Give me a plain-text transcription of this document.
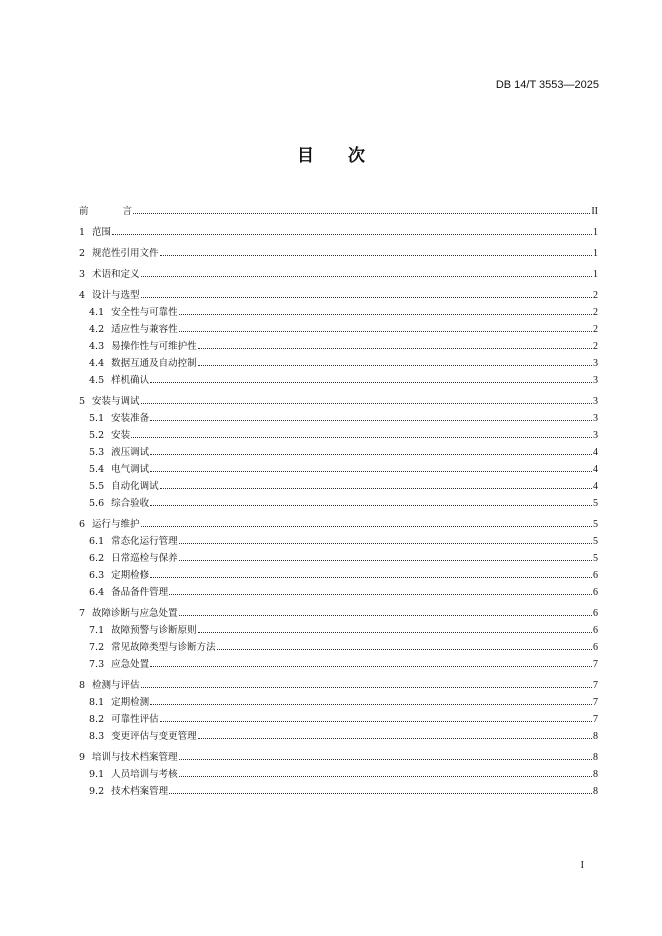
DB 14/T 3553—2025
目 次
前	言	II
1 范围	1
2 规范性引用文件	1
3 术语和定义	1
4 设计与选型	2
4.1 安全性与可靠性	2
4.2 适应性与兼容性	2
4.3 易操作性与可维护性	2
4.4 数据互通及自动控制	3
4.5 样机确认	3
5 安装与调试	3
5.1 安装准备	3
5.2 安装	3
5.3 液压调试	4
5.4 电气调试	4
5.5 自动化调试	4
5.6 综合验收	5
6 运行与维护	5
6.1 常态化运行管理	5
6.2 日常巡检与保养	5
6.3 定期检修	6
6.4 备品备件管理	6
7 故障诊断与应急处置	6
7.1 故障预警与诊断原则	6
7.2 常见故障类型与诊断方法	6
7.3 应急处置	7
8 检测与评估	7
8.1 定期检测	7
8.2 可靠性评估	7
8.3 变更评估与变更管理	8
9 培训与技术档案管理	8
9.1 人员培训与考核	8
9.2 技术档案管理	8
I
